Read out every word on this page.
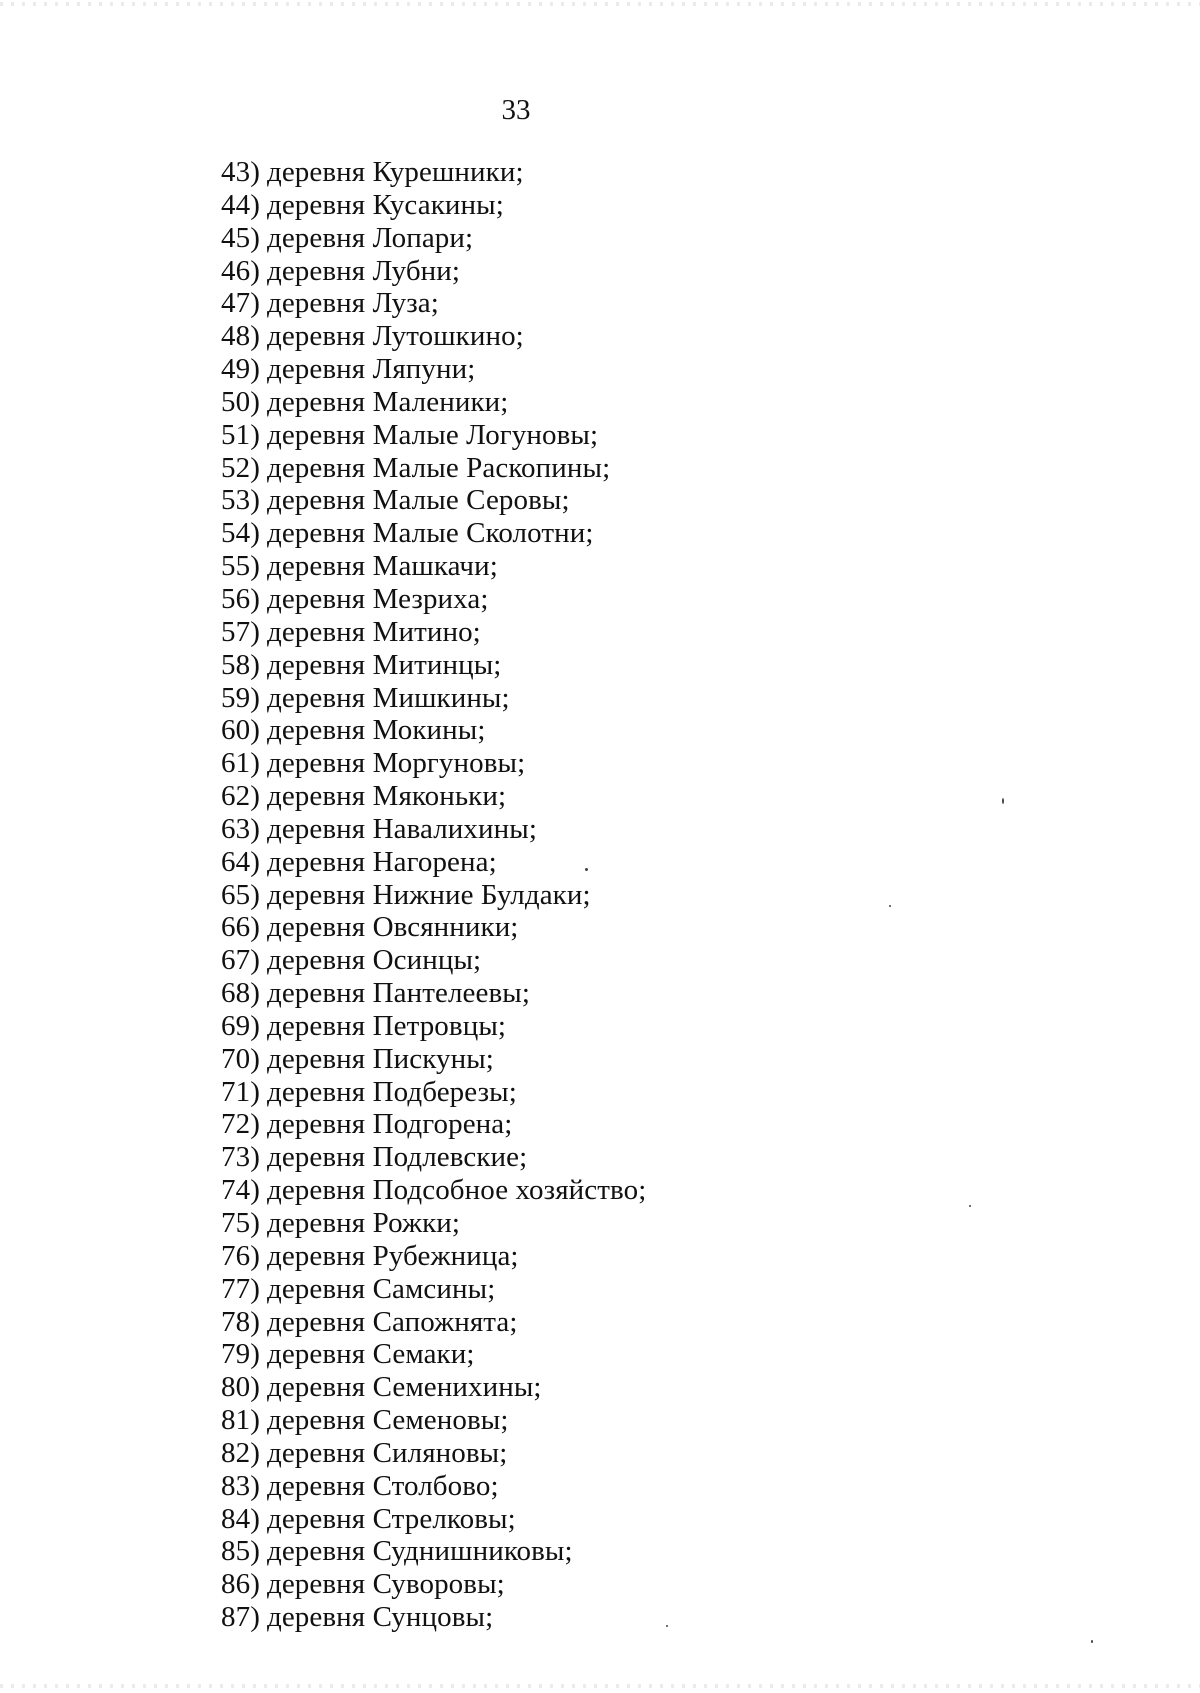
33
43) деревня Курешники;
44) деревня Кусакины;
45) деревня Лопари;
46) деревня Лубни;
47) деревня Луза;
48) деревня Лутошкино;
49) деревня Ляпуни;
50) деревня Маленики;
51) деревня Малые Логуновы;
52) деревня Малые Раскопины;
53) деревня Малые Серовы;
54) деревня Малые Сколотни;
55) деревня Машкачи;
56) деревня Мезриха;
57) деревня Митино;
58) деревня Митинцы;
59) деревня Мишкины;
60) деревня Мокины;
61) деревня Моргуновы;
62) деревня Мяконьки;
63) деревня Навалихины;
64) деревня Нагорена;
65) деревня Нижние Булдаки;
66) деревня Овсянники;
67) деревня Осинцы;
68) деревня Пантелеевы;
69) деревня Петровцы;
70) деревня Пискуны;
71) деревня Подберезы;
72) деревня Подгорена;
73) деревня Подлевские;
74) деревня Подсобное хозяйство;
75) деревня Рожки;
76) деревня Рубежница;
77) деревня Самсины;
78) деревня Сапожнята;
79) деревня Семаки;
80) деревня Семенихины;
81) деревня Семеновы;
82) деревня Силяновы;
83) деревня Столбово;
84) деревня Стрелковы;
85) деревня Суднишниковы;
86) деревня Суворовы;
87) деревня Сунцовы;
